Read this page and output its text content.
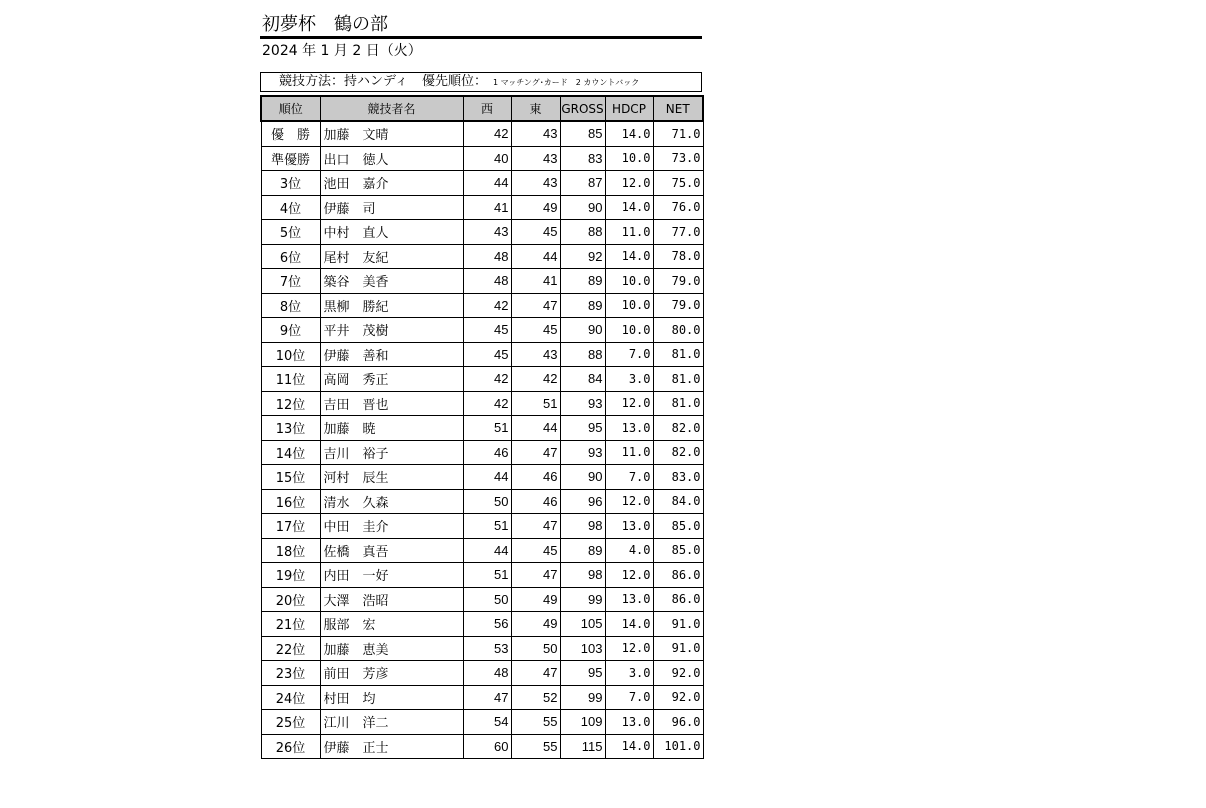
初夢杯　鶴の部
2024 年 1 月 2 日（火）
競技方法：持ハンディ 優先順位： 1 マッチング･カード　2 カウントバック
順位	競技者名	西	東	GROSS	HDCP	NET
優　勝	加藤　文晴	42	43	85	14.0	71.0
準優勝	出口　徳人	40	43	83	10.0	73.0
3位	池田　嘉介	44	43	87	12.0	75.0
4位	伊藤　司	41	49	90	14.0	76.0
5位	中村　直人	43	45	88	11.0	77.0
6位	尾村　友紀	48	44	92	14.0	78.0
7位	築谷　美香	48	41	89	10.0	79.0
8位	黒柳　勝紀	42	47	89	10.0	79.0
9位	平井　茂樹	45	45	90	10.0	80.0
10位	伊藤　善和	45	43	88	7.0	81.0
11位	高岡　秀正	42	42	84	3.0	81.0
12位	吉田　晋也	42	51	93	12.0	81.0
13位	加藤　暁	51	44	95	13.0	82.0
14位	吉川　裕子	46	47	93	11.0	82.0
15位	河村　辰生	44	46	90	7.0	83.0
16位	清水　久森	50	46	96	12.0	84.0
17位	中田　圭介	51	47	98	13.0	85.0
18位	佐橋　真吾	44	45	89	4.0	85.0
19位	内田　一好	51	47	98	12.0	86.0
20位	大澤　浩昭	50	49	99	13.0	86.0
21位	服部　宏	56	49	105	14.0	91.0
22位	加藤　恵美	53	50	103	12.0	91.0
23位	前田　芳彦	48	47	95	3.0	92.0
24位	村田　均	47	52	99	7.0	92.0
25位	江川　洋二	54	55	109	13.0	96.0
26位	伊藤　正士	60	55	115	14.0	101.0
